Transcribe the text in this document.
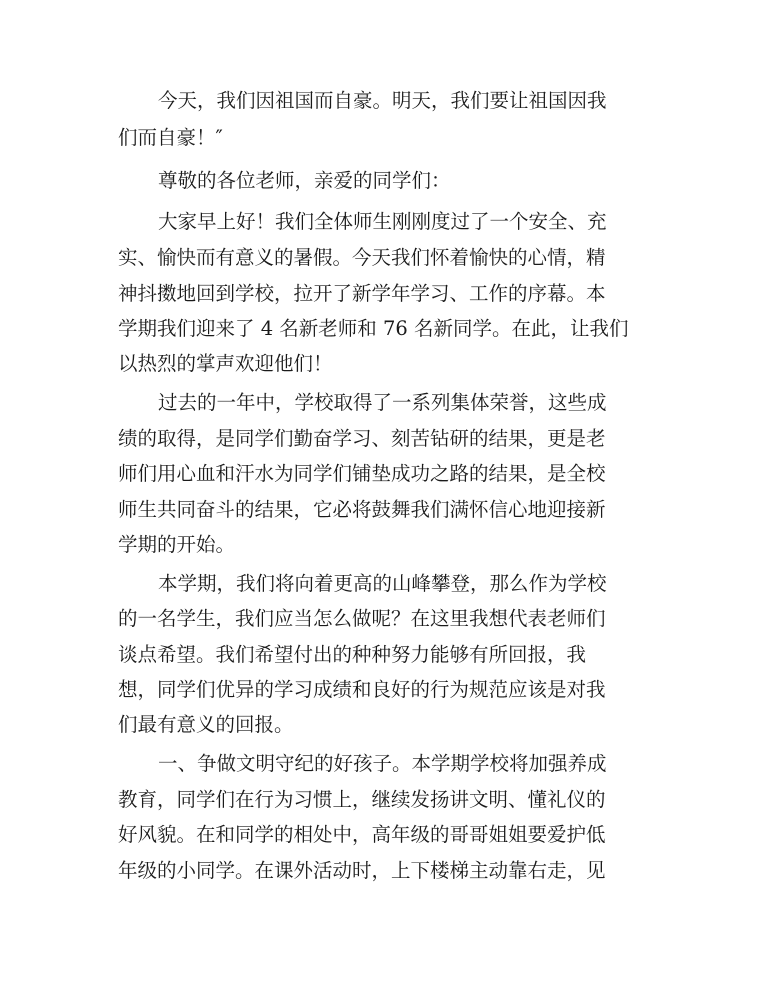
今天，我们因祖国而自豪。明天，我们要让祖国因我
们而自豪！″
尊敬的各位老师，亲爱的同学们：
大家早上好！我们全体师生刚刚度过了一个安全、充
实、愉快而有意义的暑假。今天我们怀着愉快的心情，精
神抖擞地回到学校，拉开了新学年学习、工作的序幕。本
学期我们迎来了 4 名新老师和 76 名新同学。在此，让我们
以热烈的掌声欢迎他们！
过去的一年中，学校取得了一系列集体荣誉，这些成
绩的取得，是同学们勤奋学习、刻苦钻研的结果，更是老
师们用心血和汗水为同学们铺垫成功之路的结果，是全校
师生共同奋斗的结果，它必将鼓舞我们满怀信心地迎接新
学期的开始。
本学期，我们将向着更高的山峰攀登，那么作为学校
的一名学生，我们应当怎么做呢？在这里我想代表老师们
谈点希望。我们希望付出的种种努力能够有所回报，我
想，同学们优异的学习成绩和良好的行为规范应该是对我
们最有意义的回报。
一、争做文明守纪的好孩子。本学期学校将加强养成
教育，同学们在行为习惯上，继续发扬讲文明、懂礼仪的
好风貌。在和同学的相处中，高年级的哥哥姐姐要爱护低
年级的小同学。在课外活动时，上下楼梯主动靠右走，见
